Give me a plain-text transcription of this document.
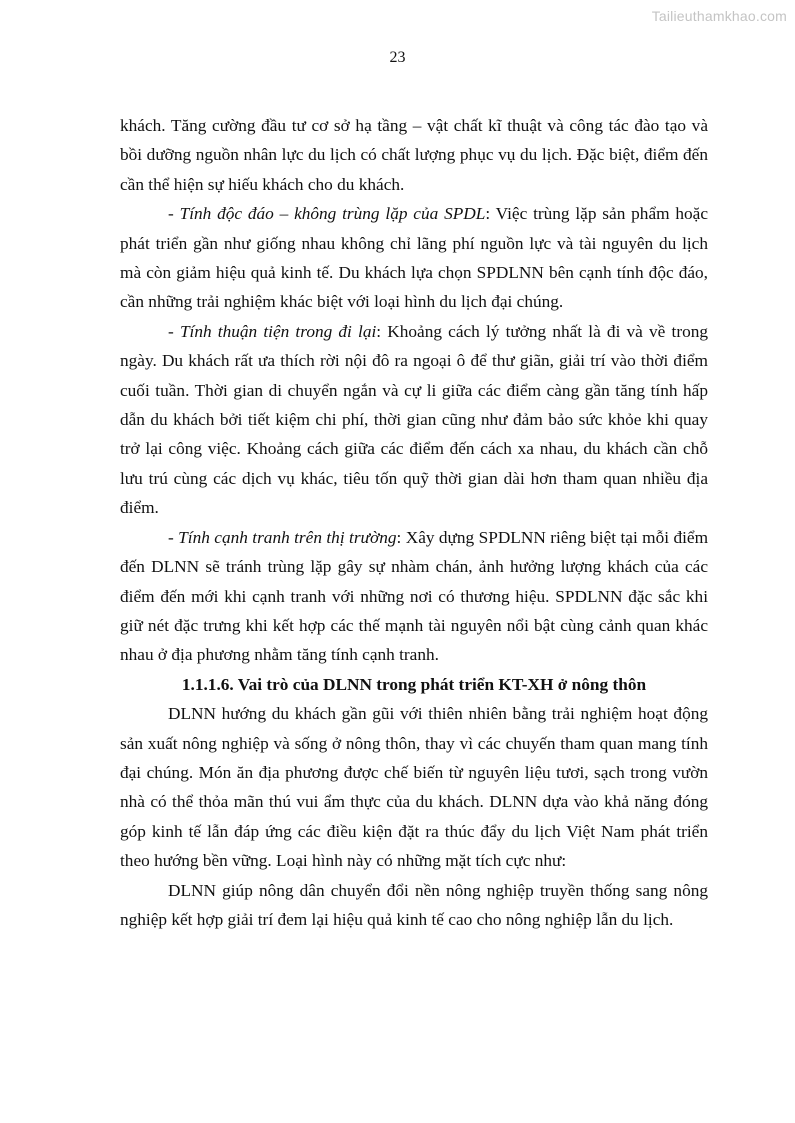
Tailieuthamkhao.com
23

khách. Tăng cường đầu tư cơ sở hạ tầng – vật chất kĩ thuật và công tác đào tạo và bồi dưỡng nguồn nhân lực du lịch có chất lượng phục vụ du lịch. Đặc biệt, điểm đến cần thể hiện sự hiếu khách cho du khách.

- Tính độc đáo – không trùng lặp của SPDL: Việc trùng lặp sản phẩm hoặc phát triển gần như giống nhau không chỉ lãng phí nguồn lực và tài nguyên du lịch mà còn giảm hiệu quả kinh tế. Du khách lựa chọn SPDLNN bên cạnh tính độc đáo, cần những trải nghiệm khác biệt với loại hình du lịch đại chúng.

- Tính thuận tiện trong đi lại: Khoảng cách lý tưởng nhất là đi và về trong ngày. Du khách rất ưa thích rời nội đô ra ngoại ô để thư giãn, giải trí vào thời điểm cuối tuần. Thời gian di chuyển ngắn và cự li giữa các điểm càng gần tăng tính hấp dẫn du khách bởi tiết kiệm chi phí, thời gian cũng như đảm bảo sức khỏe khi quay trở lại công việc. Khoảng cách giữa các điểm đến cách xa nhau, du khách cần chỗ lưu trú cùng các dịch vụ khác, tiêu tốn quỹ thời gian dài hơn tham quan nhiều địa điểm.

- Tính cạnh tranh trên thị trường: Xây dựng SPDLNN riêng biệt tại mỗi điểm đến DLNN sẽ tránh trùng lặp gây sự nhàm chán, ảnh hưởng lượng khách của các điểm đến mới khi cạnh tranh với những nơi có thương hiệu. SPDLNN đặc sắc khi giữ nét đặc trưng khi kết hợp các thế mạnh tài nguyên nổi bật cùng cảnh quan khác nhau ở địa phương nhằm tăng tính cạnh tranh.

1.1.1.6. Vai trò của DLNN trong phát triển KT-XH ở nông thôn

DLNN hướng du khách gần gũi với thiên nhiên bằng trải nghiệm hoạt động sản xuất nông nghiệp và sống ở nông thôn, thay vì các chuyến tham quan mang tính đại chúng. Món ăn địa phương được chế biến từ nguyên liệu tươi, sạch trong vườn nhà có thể thỏa mãn thú vui ẩm thực của du khách. DLNN dựa vào khả năng đóng góp kinh tế lẫn đáp ứng các điều kiện đặt ra thúc đẩy du lịch Việt Nam phát triển theo hướng bền vững. Loại hình này có những mặt tích cực như:

DLNN giúp nông dân chuyển đổi nền nông nghiệp truyền thống sang nông nghiệp kết hợp giải trí đem lại hiệu quả kinh tế cao cho nông nghiệp lẫn du lịch.
